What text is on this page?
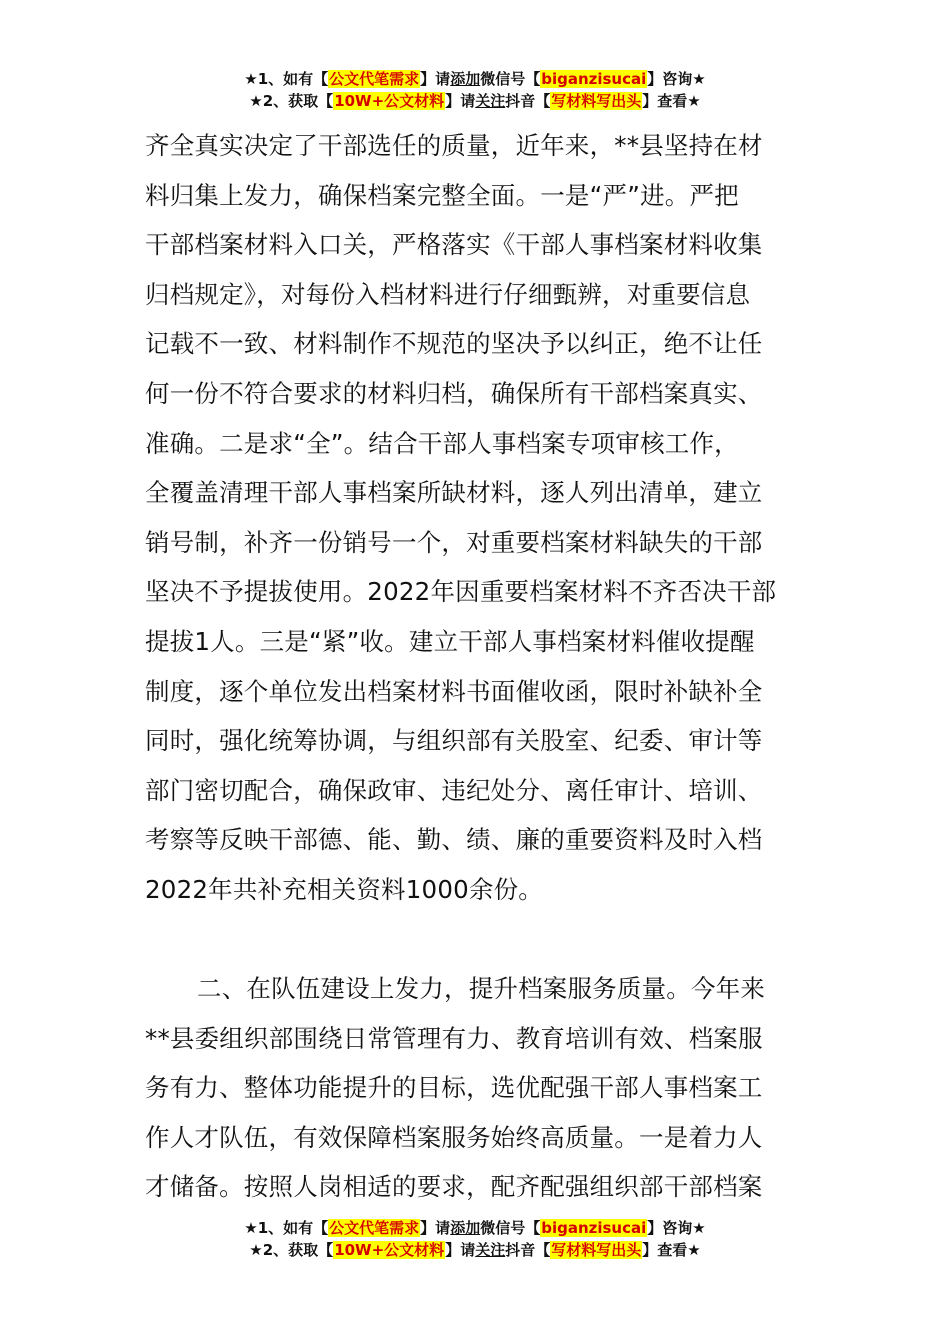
★1、如有【公文代笔需求】请添加微信号【biganzisucai】咨询★
★2、获取【10W+公文材料】请关注抖音【写材料写出头】查看★

齐全真实决定了干部选任的质量，近年来，**县坚持在材
料归集上发力，确保档案完整全面。一是“严”进。严把
干部档案材料入口关，严格落实《干部人事档案材料收集
归档规定》，对每份入档材料进行仔细甄辨，对重要信息
记载不一致、材料制作不规范的坚决予以纠正，绝不让任
何一份不符合要求的材料归档，确保所有干部档案真实、
准确。二是求“全”。结合干部人事档案专项审核工作，
全覆盖清理干部人事档案所缺材料，逐人列出清单，建立
销号制，补齐一份销号一个，对重要档案材料缺失的干部
坚决不予提拔使用。2022年因重要档案材料不齐否决干部
提拔1人。三是“紧”收。建立干部人事档案材料催收提醒
制度，逐个单位发出档案材料书面催收函，限时补缺补全
同时，强化统筹协调，与组织部有关股室、纪委、审计等
部门密切配合，确保政审、违纪处分、离任审计、培训、
考察等反映干部德、能、勤、绩、廉的重要资料及时入档
2022年共补充相关资料1000余份。

二、在队伍建设上发力，提升档案服务质量。今年来
**县委组织部围绕日常管理有力、教育培训有效、档案服
务有力、整体功能提升的目标，选优配强干部人事档案工
作人才队伍，有效保障档案服务始终高质量。一是着力人
才储备。按照人岗相适的要求，配齐配强组织部干部档案

★1、如有【公文代笔需求】请添加微信号【biganzisucai】咨询★
★2、获取【10W+公文材料】请关注抖音【写材料写出头】查看★
